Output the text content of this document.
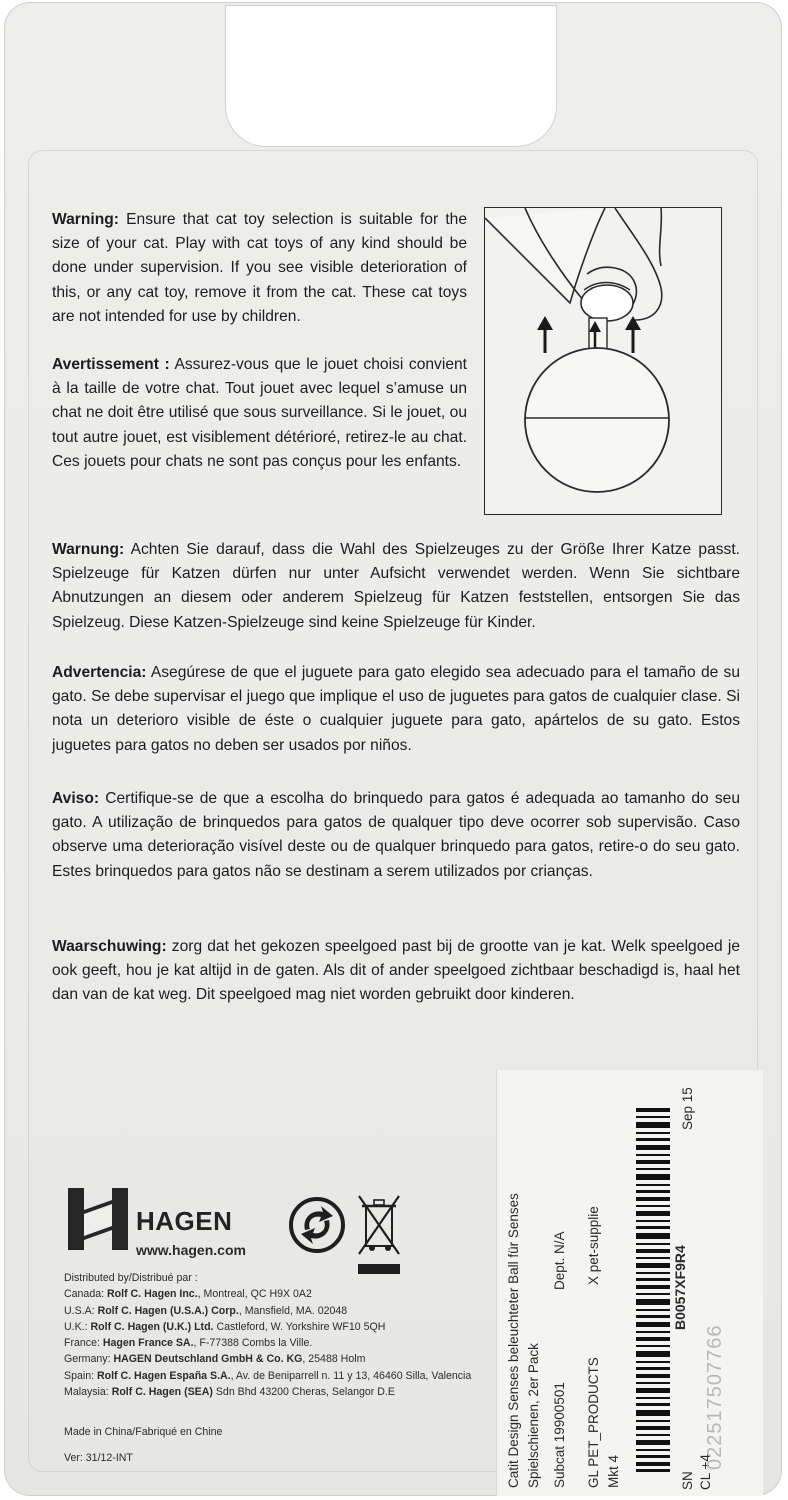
Warning: Ensure that cat toy selection is suitable for the size of your cat. Play with cat toys of any kind should be done under supervision. If you see visible deterioration of this, or any cat toy, remove it from the cat. These cat toys are not intended for use by children.
Avertissement : Assurez-vous que le jouet choisi convient à la taille de votre chat. Tout jouet avec lequel s’amuse un chat ne doit être utilisé que sous surveillance. Si le jouet, ou tout autre jouet, est visiblement détérioré, retirez-le au chat. Ces jouets pour chats ne sont pas conçus pour les enfants.
Warnung: Achten Sie darauf, dass die Wahl des Spielzeuges zu der Größe Ihrer Katze passt. Spielzeuge für Katzen dürfen nur unter Aufsicht verwendet werden. Wenn Sie sichtbare Abnutzungen an diesem oder anderem Spielzeug für Katzen feststellen, entsorgen Sie das Spielzeug. Diese Katzen-Spielzeuge sind keine Spielzeuge für Kinder.
Advertencia: Asegúrese de que el juguete para gato elegido sea adecuado para el tamaño de su gato. Se debe supervisar el juego que implique el uso de juguetes para gatos de cualquier clase. Si nota un deterioro visible de éste o cualquier juguete para gato, apártelos de su gato. Estos juguetes para gatos no deben ser usados por niños.
Aviso: Certifique-se de que a escolha do brinquedo para gatos é adequada ao tamanho do seu gato. A utilização de brinquedos para gatos de qualquer tipo deve ocorrer sob supervisão. Caso observe uma deterioração visível deste ou de qualquer brinquedo para gatos, retire-o do seu gato. Estes brinquedos para gatos não se destinam a serem utilizados por crianças.
Waarschuwing: zorg dat het gekozen speelgoed past bij de grootte van je kat. Welk speelgoed je ook geeft, hou je kat altijd in de gaten. Als dit of ander speelgoed zichtbaar beschadigd is, haal het dan van de kat weg. Dit speelgoed mag niet worden gebruikt door kinderen.
HAGEN
www.hagen.com
Distributed by/Distribué par :
Canada: Rolf C. Hagen Inc., Montreal, QC H9X 0A2
U.S.A: Rolf C. Hagen (U.S.A.) Corp., Mansfield, MA. 02048
U.K.: Rolf C. Hagen (U.K.) Ltd. Castleford, W. Yorkshire WF10 5QH
France: Hagen France SA., F-77388 Combs la Ville.
Germany: HAGEN Deutschland GmbH & Co. KG, 25488 Holm
Spain: Rolf C. Hagen España S.A., Av. de Beniparrell n. 11 y 13, 46460 Silla, Valencia
Malaysia: Rolf C. Hagen (SEA) Sdn Bhd 43200 Cheras, Selangor D.E
Made in China/Fabriqué en Chine
Ver: 31/12-INT	Catit Design Senses beleuchteter Ball für Senses Spielschienen, 2er Pack Subcat 19900501
Dept. N/A
GL PET_PRODUCTS
X pet-supplie
Mkt 4
B0057XF9R4
SN CL +4
Sep 15
022517507766
